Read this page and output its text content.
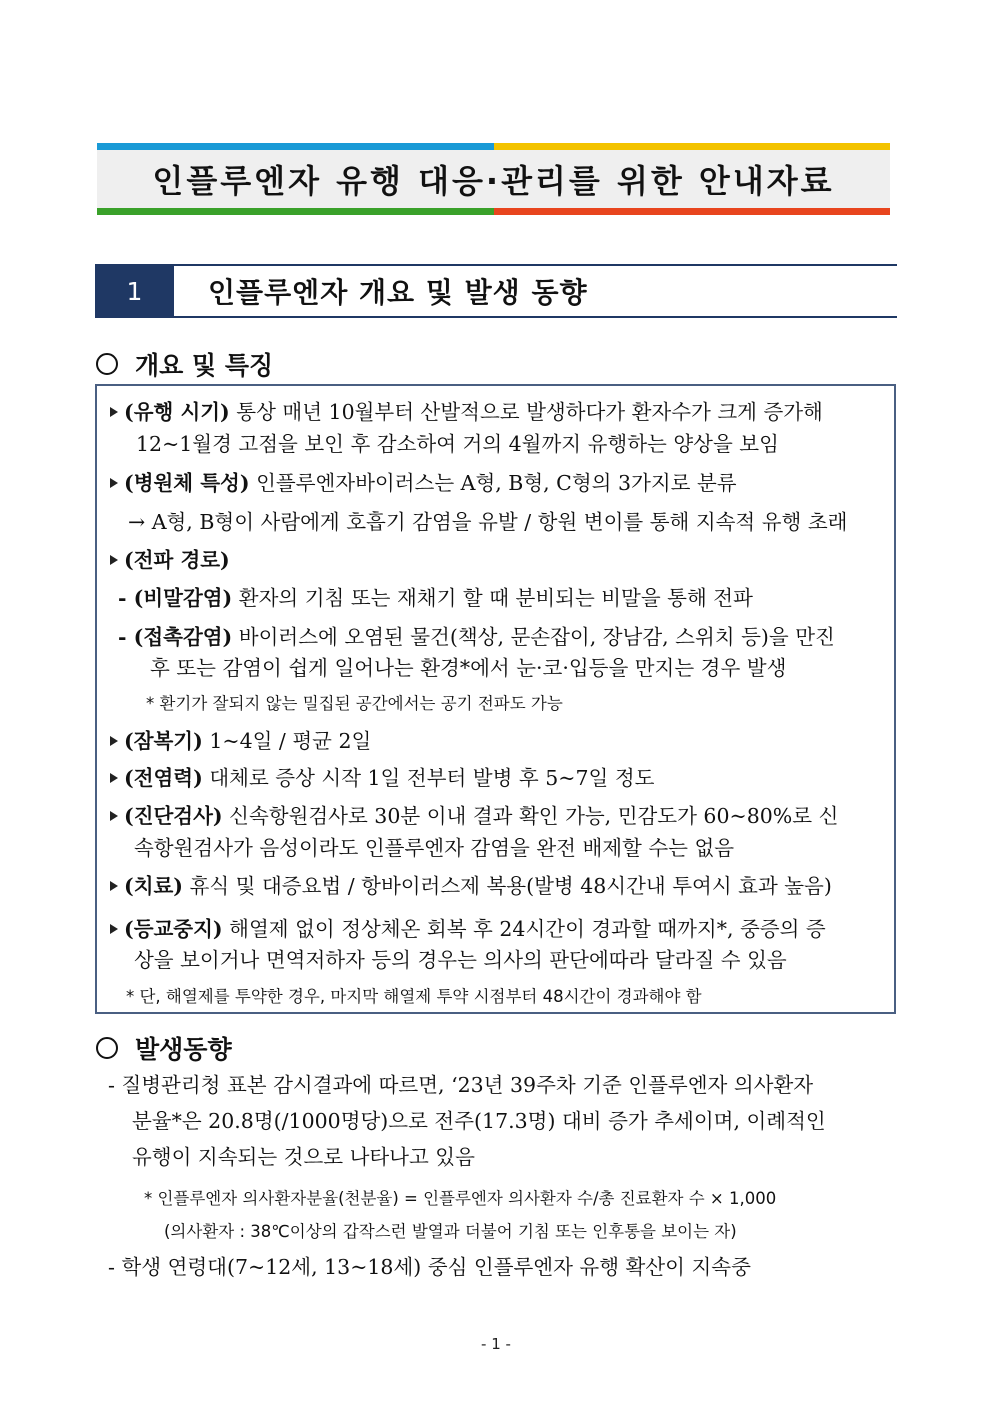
인플루엔자 유행 대응·관리를 위한 안내자료
1	인플루엔자 개요 및 발생 동향
개요 및 특징
(유행 시기) 통상 매년 10월부터 산발적으로 발생하다가 환자수가 크게 증가해
12~1월경 고점을 보인 후 감소하여 거의 4월까지 유행하는 양상을 보임
(병원체 특성) 인플루엔자바이러스는 A형, B형, C형의 3가지로 분류
→ A형, B형이 사람에게 호흡기 감염을 유발 / 항원 변이를 통해 지속적 유행 초래
(전파 경로)
- (비말감염) 환자의 기침 또는 재채기 할 때 분비되는 비말을 통해 전파
- (접촉감염) 바이러스에 오염된 물건(책상, 문손잡이, 장남감, 스위치 등)을 만진
후 또는 감염이 쉽게 일어나는 환경*에서 눈·코·입등을 만지는 경우 발생
* 환기가 잘되지 않는 밀집된 공간에서는 공기 전파도 가능
(잠복기) 1~4일 / 평균 2일
(전염력) 대체로 증상 시작 1일 전부터 발병 후 5~7일 정도
(진단검사) 신속항원검사로 30분 이내 결과 확인 가능, 민감도가 60~80%로 신
속항원검사가 음성이라도 인플루엔자 감염을 완전 배제할 수는 없음
(치료) 휴식 및 대증요법 / 항바이러스제 복용(발병 48시간내 투여시 효과 높음)
(등교중지) 해열제 없이 정상체온 회복 후 24시간이 경과할 때까지*, 중증의 증
상을 보이거나 면역저하자 등의 경우는 의사의 판단에따라 달라질 수 있음
* 단, 해열제를 투약한 경우, 마지막 해열제 투약 시점부터 48시간이 경과해야 함
발생동향
- 질병관리청 표본 감시결과에 따르면, ‘23년 39주차 기준 인플루엔자 의사환자
분율*은 20.8명(/1000명당)으로 전주(17.3명) 대비 증가 추세이며, 이례적인
유행이 지속되는 것으로 나타나고 있음
* 인플루엔자 의사환자분율(천분율) = 인플루엔자 의사환자 수/총 진료환자 수 × 1,000
(의사환자 : 38℃이상의 갑작스런 발열과 더불어 기침 또는 인후통을 보이는 자)
- 학생 연령대(7~12세, 13~18세) 중심 인플루엔자 유행 확산이 지속중
- 1 -
